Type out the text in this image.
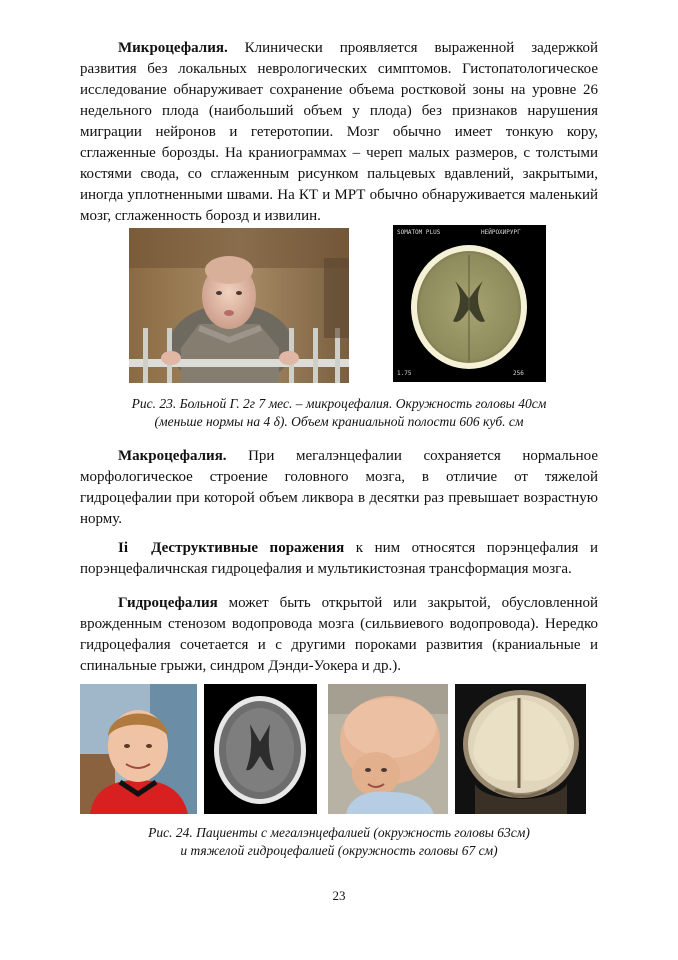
Микроцефалия. Клинически проявляется выраженной задержкой развития без локальных неврологических симптомов. Гистопатологическое исследование обнаруживает сохранение объема ростковой зоны на уровне 26 недельного плода (наибольший объем у плода) без признаков нарушения миграции нейронов и гетеротопии. Мозг обычно имеет тонкую кору, сглаженные борозды. На краниограммах – череп малых размеров, с толстыми костями свода, со сглаженным рисунком пальцевых вдавлений, закрытыми, иногда уплотненными швами. На КТ и МРТ обычно обнаруживается маленький мозг, сглаженность борозд и извилин.

SOMATOM PLUS	НЕЙРОХИРУРГ
1.75	256

Рис. 23. Больной Г. 2г 7 мес. – микроцефалия. Окружность головы 40см
(меньше нормы на 4 δ). Объем краниальной полости 606 куб. см

Макроцефалия. При мегалэнцефалии сохраняется нормальное морфологическое строение головного мозга, в отличие от тяжелой гидроцефалии при которой объем ликвора в десятки раз превышает возрастную норму.

Ii Деструктивные поражения к ним относятся порэнцефалия и порэнцефаличнская гидроцефалия и мультикистозная трансформация мозга.

Гидроцефалия может быть открытой или закрытой, обусловленной врожденным стенозом водопровода мозга (сильвиевого водопровода). Нередко гидроцефалия сочетается и с другими пороками развития (краниальные и спинальные грыжи, синдром Дэнди-Уокера и др.).

Рис. 24. Пациенты с мегалэнцефалией (окружность головы 63см)
и тяжелой гидроцефалией (окружность головы 67 см)

23
